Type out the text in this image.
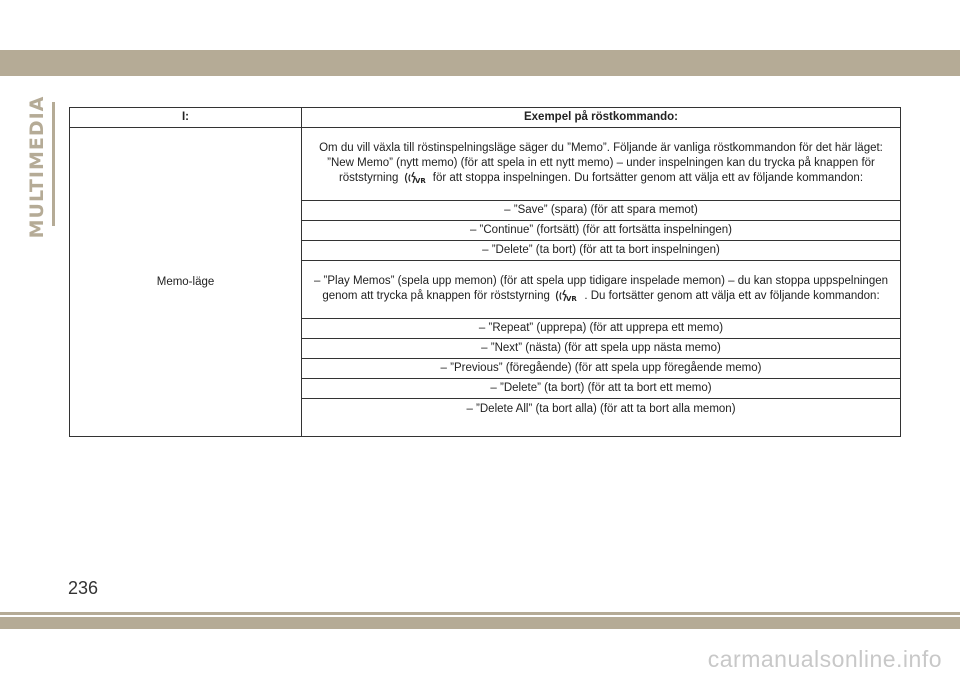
MULTIMEDIA	I:	Exempel på röstkommando:
Memo-läge	Om du vill växla till röstinspelningsläge säger du ”Memo”. Följande är vanliga röstkommandon för det här läget: ”New Memo” (nytt memo) (för att spela in ett nytt memo) – under inspelningen kan du trycka på knappen för röststyrning VR för att stoppa inspelningen. Du fortsätter genom att välja ett av följande kommandon:
	– ”Save” (spara) (för att spara memot)
	– ”Continue” (fortsätt) (för att fortsätta inspelningen)
	– ”Delete” (ta bort) (för att ta bort inspelningen)
	– ”Play Memos” (spela upp memon) (för att spela upp tidigare inspelade memon) – du kan stoppa uppspelningen genom att trycka på knappen för röststyrning VR . Du fortsätter genom att välja ett av följande kommandon:
	– ”Repeat” (upprepa) (för att upprepa ett memo)
	– ”Next” (nästa) (för att spela upp nästa memo)
	– ”Previous” (föregående) (för att spela upp föregående memo)
	– ”Delete” (ta bort) (för att ta bort ett memo)
	– ”Delete All” (ta bort alla) (för att ta bort alla memon)
236
carmanualsonline.info
